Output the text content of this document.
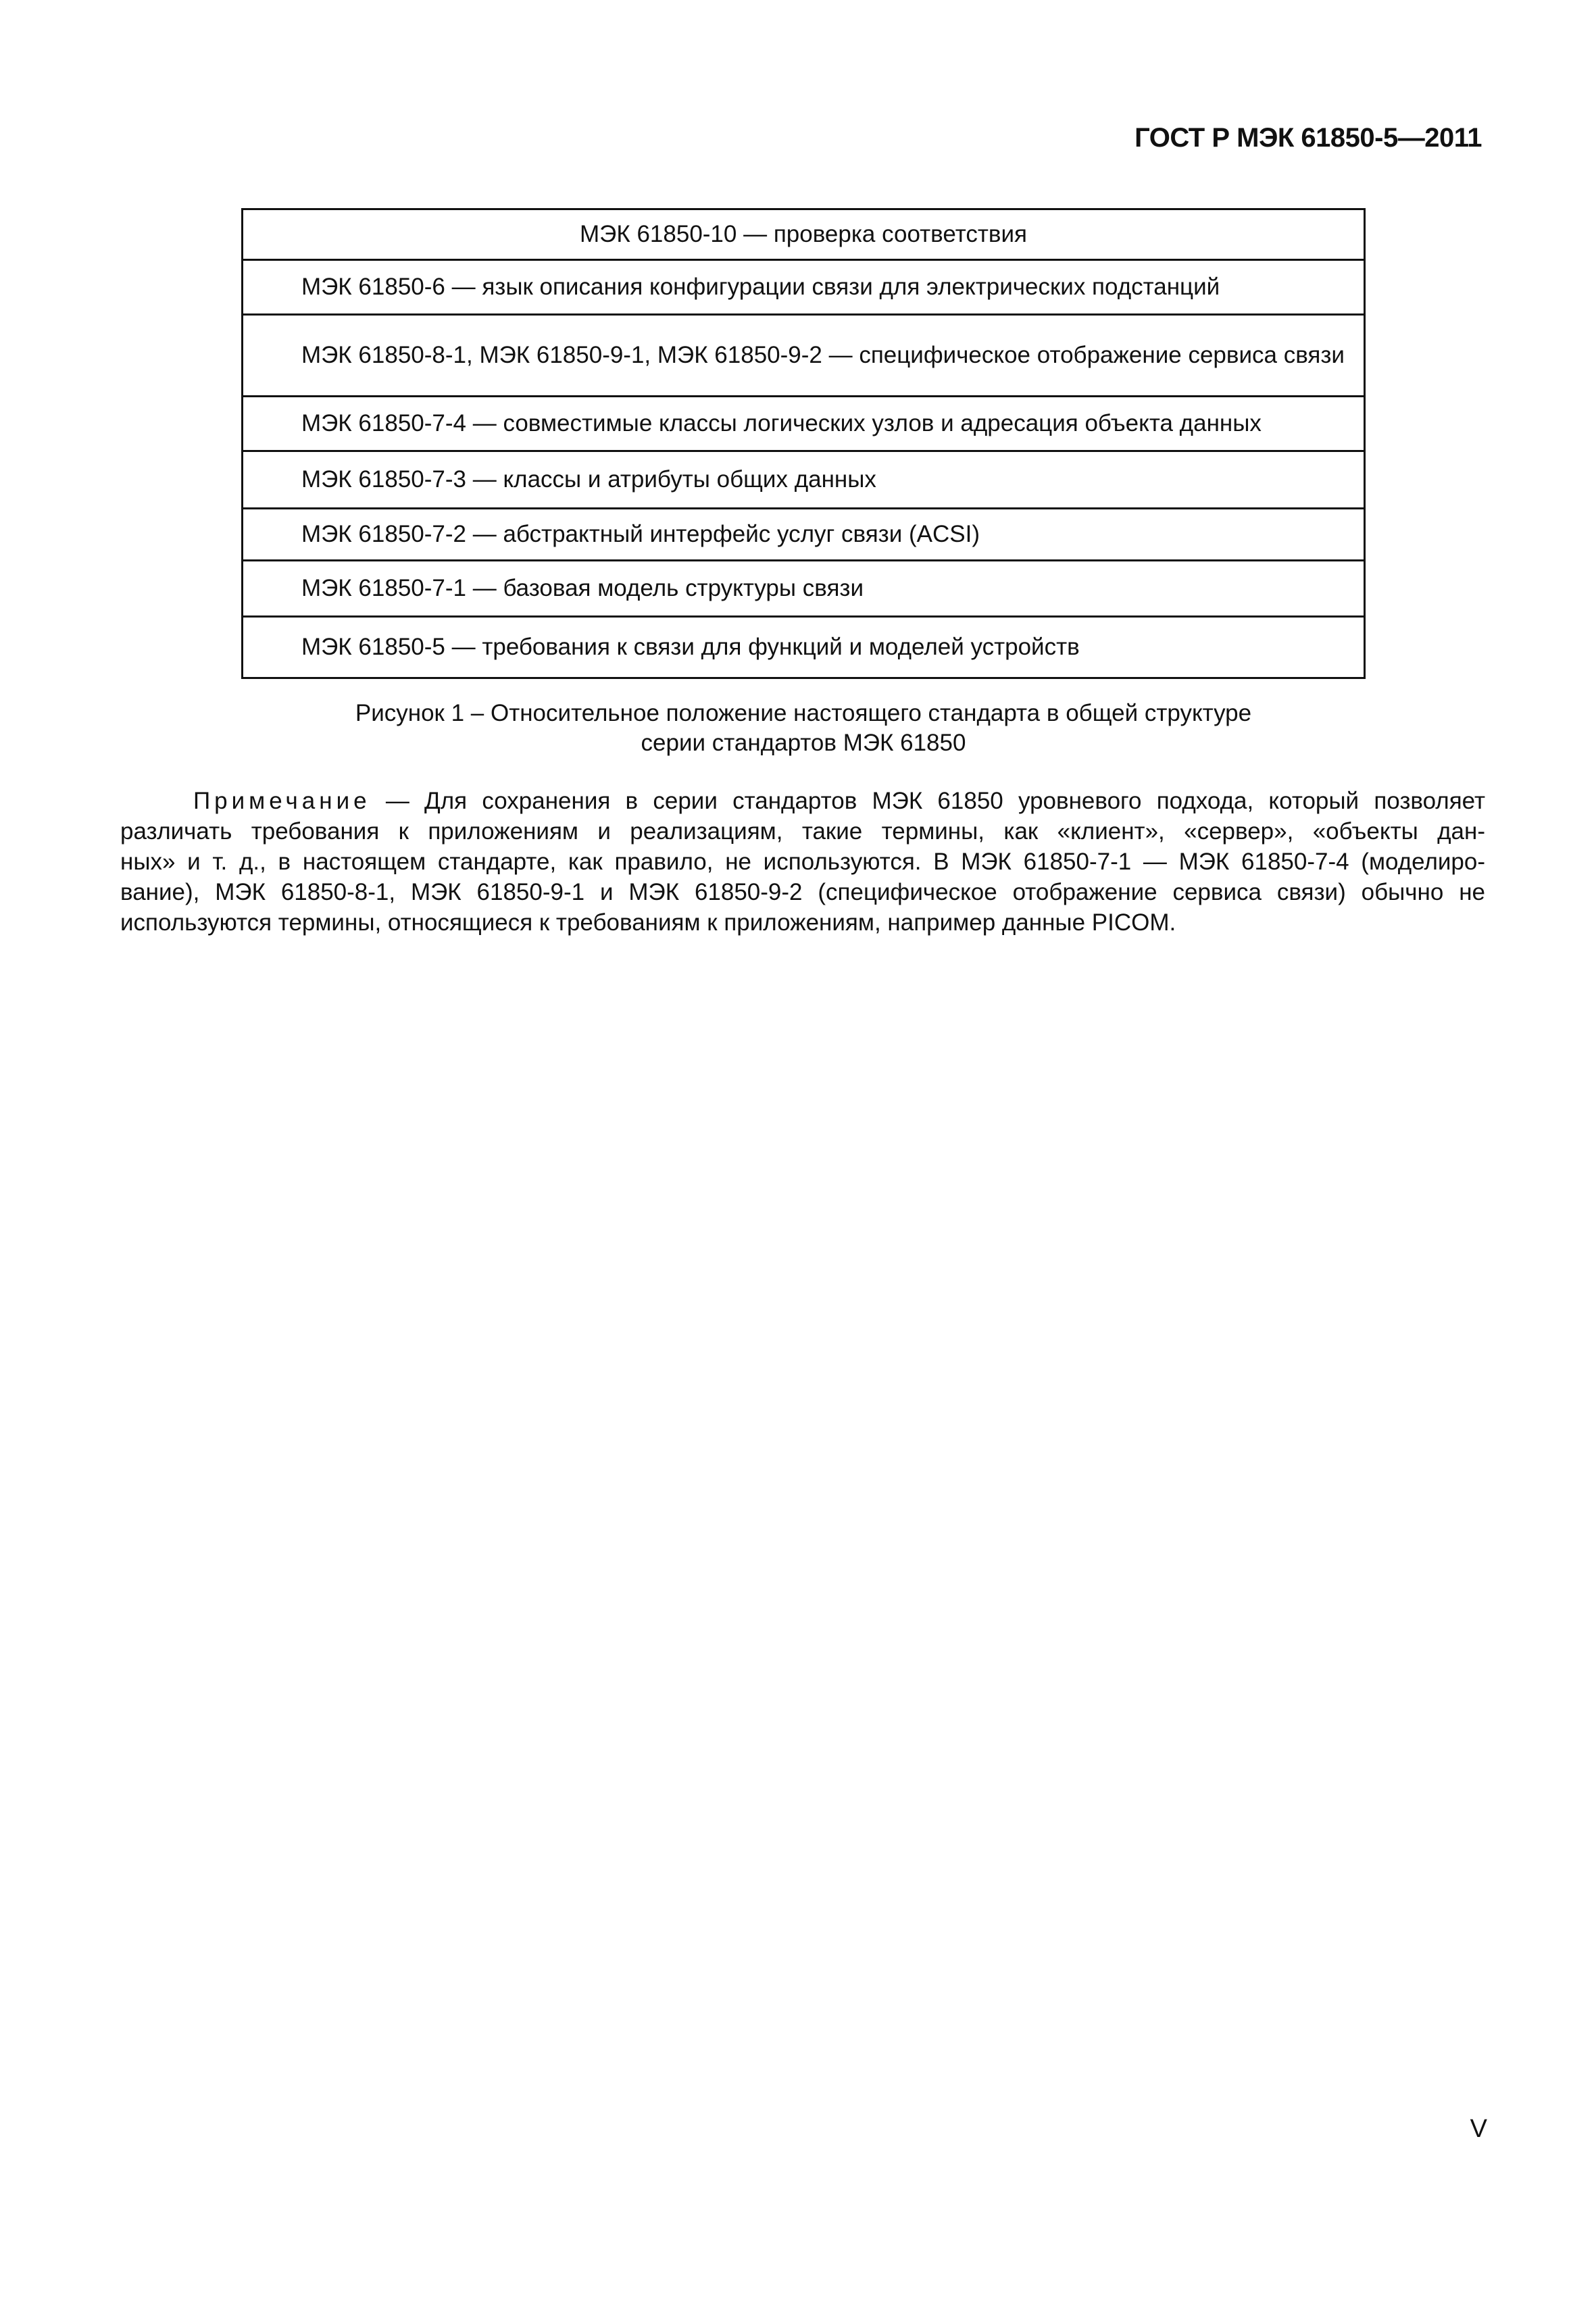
ГОСТ Р МЭК 61850-5—2011
МЭК 61850-10 — проверка соответствия
МЭК 61850-6 — язык описания конфигурации связи для электрических подстанций
МЭК 61850-8-1, МЭК 61850-9-1, МЭК 61850-9-2 — специфическое отображение сервиса связи
МЭК 61850-7-4 — совместимые классы логических узлов и адресация объекта данных
МЭК 61850-7-3 — классы и атрибуты общих данных
МЭК 61850-7-2 — абстрактный интерфейс услуг связи (ACSI)
МЭК 61850-7-1 — базовая модель структуры связи
МЭК 61850-5 — требования к связи для функций и моделей устройств
Рисунок 1 – Относительное положение настоящего стандарта в общей структуре
серии стандартов МЭК 61850
Примечание — Для сохранения в серии стандартов МЭК 61850 уровневого подхода, который позволяет
различать требования к приложениям и реализациям, такие термины, как «клиент», «сервер», «объекты дан-
ных» и т. д., в настоящем стандарте, как правило, не используются. В МЭК 61850-7-1 — МЭК 61850-7-4 (моделиро-
вание), МЭК 61850-8-1, МЭК 61850-9-1 и МЭК 61850-9-2 (специфическое отображение сервиса связи) обычно не
используются термины, относящиеся к требованиям к приложениям, например данные PICOM.
V
